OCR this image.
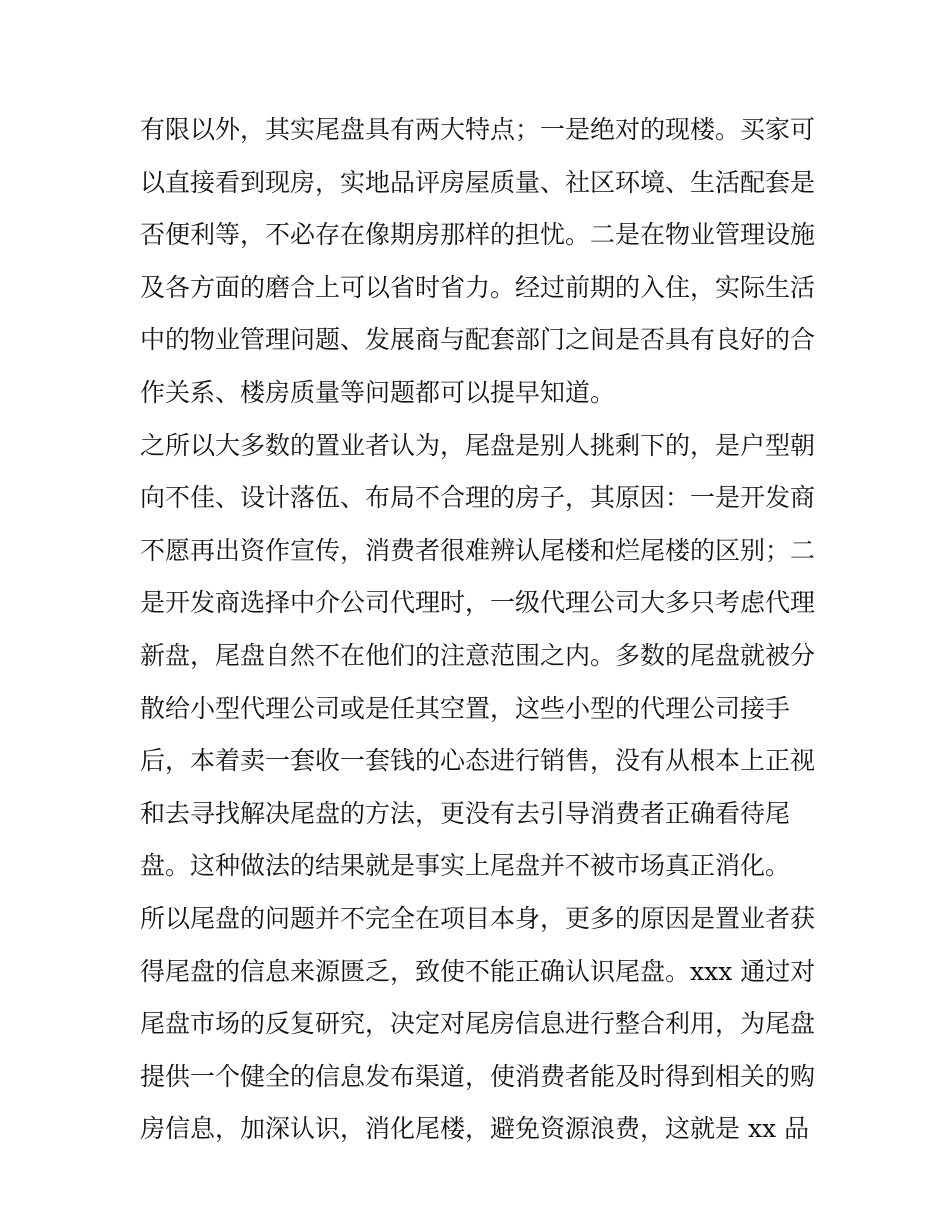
有限以外，其实尾盘具有两大特点；一是绝对的现楼。买家可
以直接看到现房，实地品评房屋质量、社区环境、生活配套是
否便利等，不必存在像期房那样的担忧。二是在物业管理设施
及各方面的磨合上可以省时省力。经过前期的入住，实际生活
中的物业管理问题、发展商与配套部门之间是否具有良好的合
作关系、楼房质量等问题都可以提早知道。
之所以大多数的置业者认为，尾盘是别人挑剩下的，是户型朝
向不佳、设计落伍、布局不合理的房子，其原因：一是开发商
不愿再出资作宣传，消费者很难辨认尾楼和烂尾楼的区别；二
是开发商选择中介公司代理时，一级代理公司大多只考虑代理
新盘，尾盘自然不在他们的注意范围之内。多数的尾盘就被分
散给小型代理公司或是任其空置，这些小型的代理公司接手
后，本着卖一套收一套钱的心态进行销售，没有从根本上正视
和去寻找解决尾盘的方法，更没有去引导消费者正确看待尾
盘。这种做法的结果就是事实上尾盘并不被市场真正消化。
所以尾盘的问题并不完全在项目本身，更多的原因是置业者获
得尾盘的信息来源匮乏，致使不能正确认识尾盘。xxx 通过对
尾盘市场的反复研究，决定对尾房信息进行整合利用，为尾盘
提供一个健全的信息发布渠道，使消费者能及时得到相关的购
房信息，加深认识，消化尾楼，避免资源浪费，这就是 xx 品
